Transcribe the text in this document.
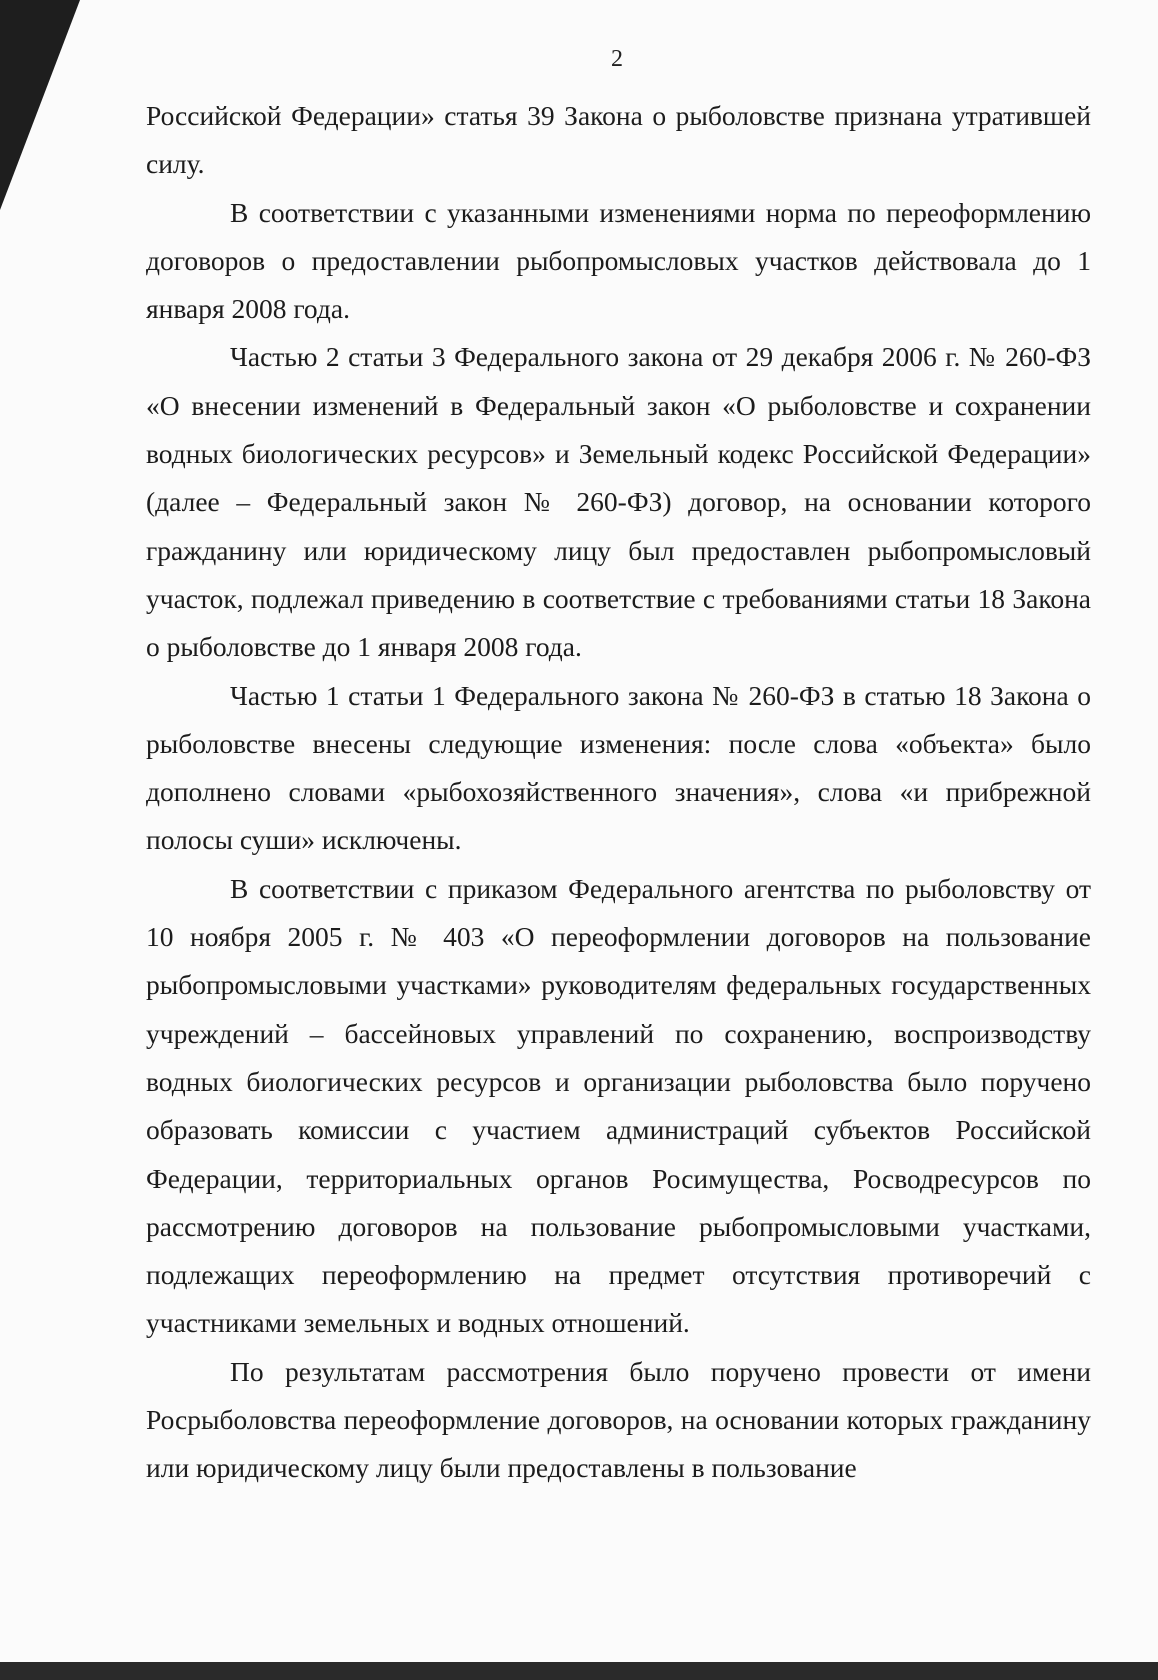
2

Российской Федерации» статья 39 Закона о рыболовстве признана утратившей силу.

В соответствии с указанными изменениями норма по переоформлению договоров о предоставлении рыбопромысловых участков действовала до 1 января 2008 года.

Частью 2 статьи 3 Федерального закона от 29 декабря 2006 г. № 260-ФЗ «О внесении изменений в Федеральный закон «О рыболовстве и сохранении водных биологических ресурсов» и Земельный кодекс Российской Федерации» (далее – Федеральный закон № 260-ФЗ) договор, на основании которого гражданину или юридическому лицу был предоставлен рыбопромысловый участок, подлежал приведению в соответствие с требованиями статьи 18 Закона о рыболовстве до 1 января 2008 года.

Частью 1 статьи 1 Федерального закона № 260-ФЗ в статью 18 Закона о рыболовстве внесены следующие изменения: после слова «объекта» было дополнено словами «рыбохозяйственного значения», слова «и прибрежной полосы суши» исключены.

В соответствии с приказом Федерального агентства по рыболовству от 10 ноября 2005 г. № 403 «О переоформлении договоров на пользование рыбопромысловыми участками» руководителям федеральных государственных учреждений – бассейновых управлений по сохранению, воспроизводству водных биологических ресурсов и организации рыболовства было поручено образовать комиссии с участием администраций субъектов Российской Федерации, территориальных органов Росимущества, Росводресурсов по рассмотрению договоров на пользование рыбопромысловыми участками, подлежащих переоформлению на предмет отсутствия противоречий с участниками земельных и водных отношений.

По результатам рассмотрения было поручено провести от имени Росрыболовства переоформление договоров, на основании которых гражданину или юридическому лицу были предоставлены в пользование
